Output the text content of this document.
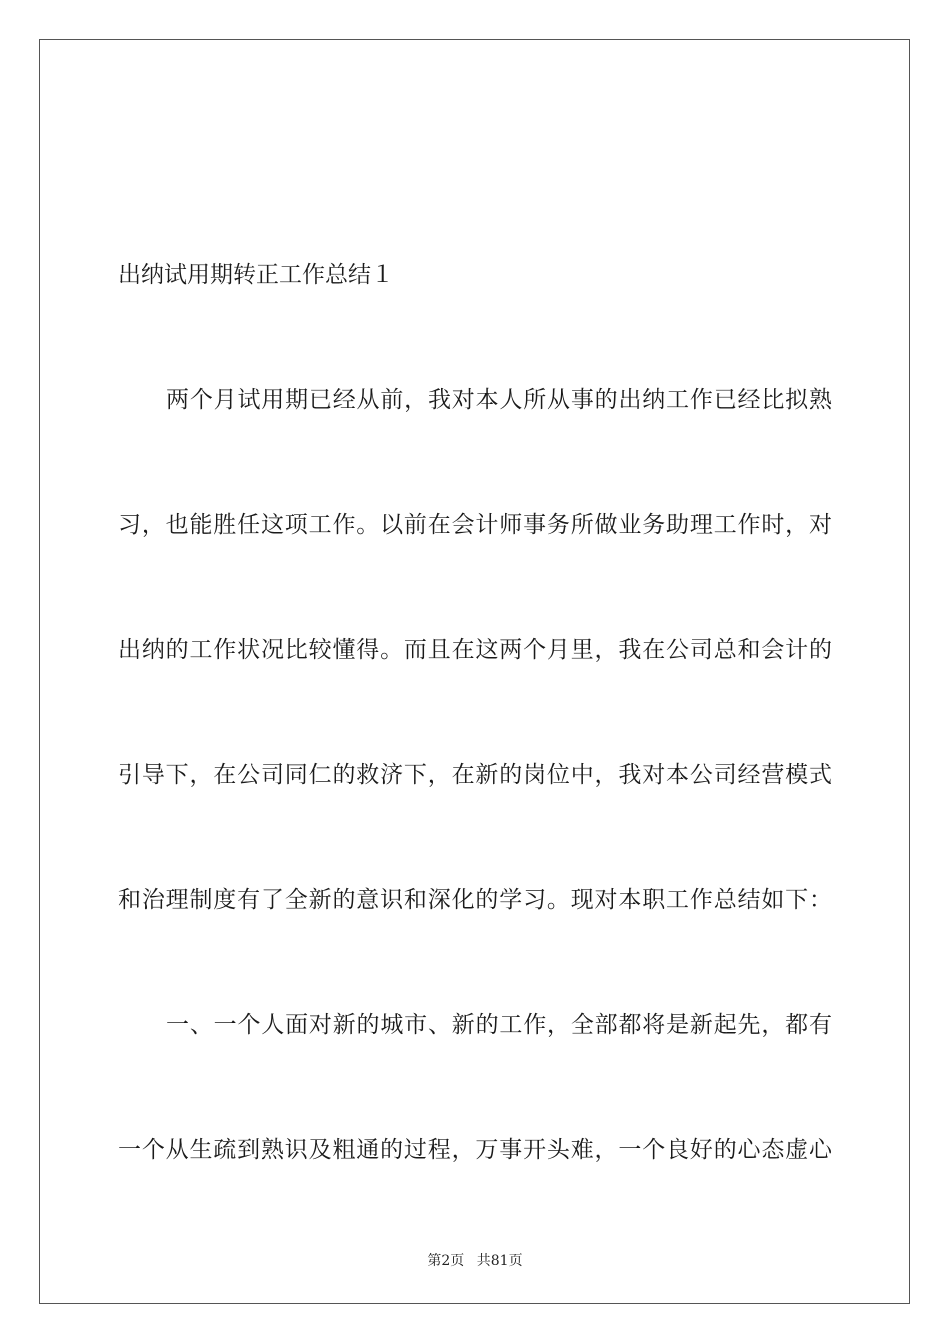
出纳试用期转正工作总结１
两个月试用期已经从前，我对本人所从事的出纳工作已经比拟熟
习，也能胜任这项工作。以前在会计师事务所做业务助理工作时，对
出纳的工作状况比较懂得。而且在这两个月里，我在公司总和会计的
引导下，在公司同仁的救济下，在新的岗位中，我对本公司经营模式
和治理制度有了全新的意识和深化的学习。现对本职工作总结如下：
一、一个人面对新的城市、新的工作，全部都将是新起先，都有
一个从生疏到熟识及粗通的过程，万事开头难，一个良好的心态虚心
第2页 共81页
